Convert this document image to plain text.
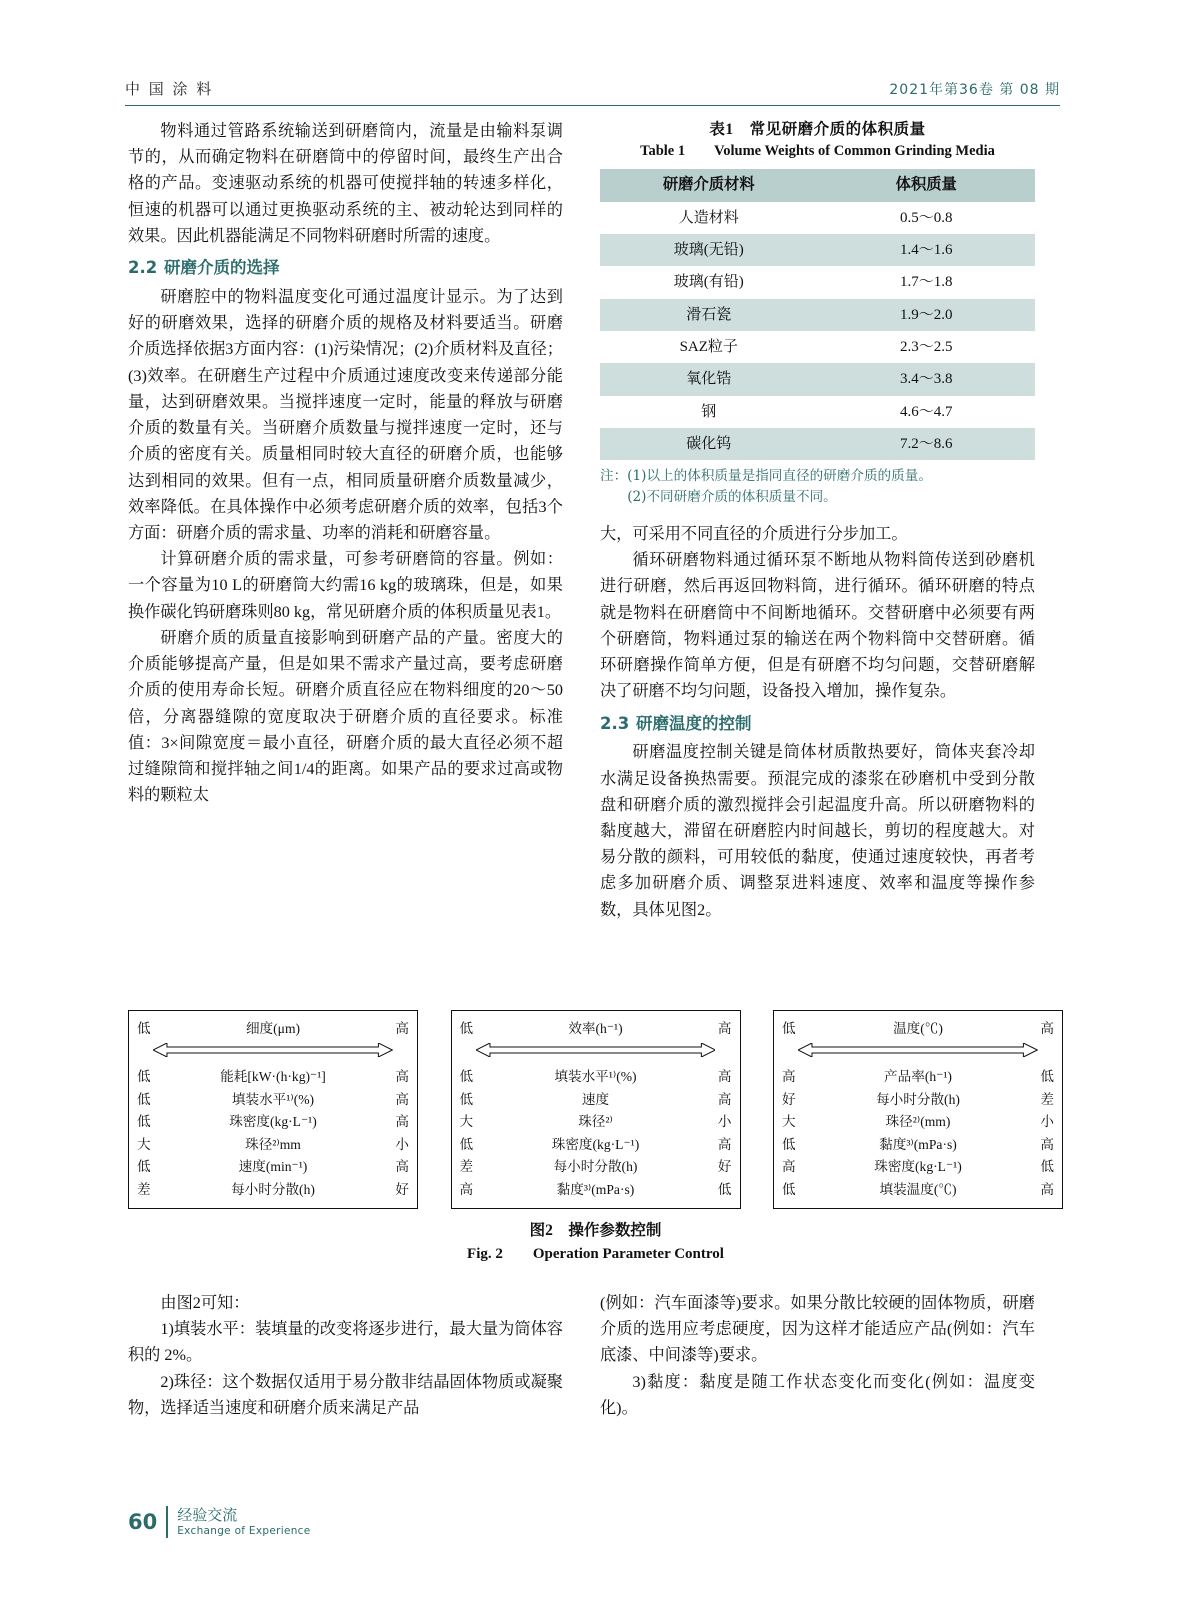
中 国 涂 料	2021年第36卷 第 08 期

物料通过管路系统输送到研磨筒内，流量是由输料泵调节的，从而确定物料在研磨筒中的停留时间，最终生产出合格的产品。变速驱动系统的机器可使搅拌轴的转速多样化，恒速的机器可以通过更换驱动系统的主、被动轮达到同样的效果。因此机器能满足不同物料研磨时所需的速度。

2.2 研磨介质的选择

研磨腔中的物料温度变化可通过温度计显示。为了达到好的研磨效果，选择的研磨介质的规格及材料要适当。研磨介质选择依据3方面内容：(1)污染情况；(2)介质材料及直径；(3)效率。在研磨生产过程中介质通过速度改变来传递部分能量，达到研磨效果。当搅拌速度一定时，能量的释放与研磨介质的数量有关。当研磨介质数量与搅拌速度一定时，还与介质的密度有关。质量相同时较大直径的研磨介质，也能够达到相同的效果。但有一点，相同质量研磨介质数量减少，效率降低。在具体操作中必须考虑研磨介质的效率，包括3个方面：研磨介质的需求量、功率的消耗和研磨容量。

计算研磨介质的需求量，可参考研磨筒的容量。例如：一个容量为10 L的研磨筒大约需16 kg的玻璃珠，但是，如果换作碳化钨研磨珠则80 kg，常见研磨介质的体积质量见表1。

研磨介质的质量直接影响到研磨产品的产量。密度大的介质能够提高产量，但是如果不需求产量过高，要考虑研磨介质的使用寿命长短。研磨介质直径应在物料细度的20～50倍，分离器缝隙的宽度取决于研磨介质的直径要求。标准值：3×间隙宽度＝最小直径，研磨介质的最大直径必须不超过缝隙筒和搅拌轴之间1/4的距离。如果产品的要求过高或物料的颗粒太

表1　常见研磨介质的体积质量
Table 1　　Volume Weights of Common Grinding Media
研磨介质材料	体积质量
人造材料	0.5～0.8
玻璃(无铅)	1.4～1.6
玻璃(有铅)	1.7～1.8
滑石瓷	1.9～2.0
SAZ粒子	2.3～2.5
氧化锆	3.4～3.8
钢	4.6～4.7
碳化钨	7.2～8.6
注：(1)以上的体积质量是指同直径的研磨介质的质量。
(2)不同研磨介质的体积质量不同。

大，可采用不同直径的介质进行分步加工。

循环研磨物料通过循环泵不断地从物料筒传送到砂磨机进行研磨，然后再返回物料筒，进行循环。循环研磨的特点就是物料在研磨筒中不间断地循环。交替研磨中必须要有两个研磨筒，物料通过泵的输送在两个物料筒中交替研磨。循环研磨操作简单方便，但是有研磨不均匀问题，交替研磨解决了研磨不均匀问题，设备投入增加，操作复杂。

2.3 研磨温度的控制

研磨温度控制关键是筒体材质散热要好，筒体夹套冷却水满足设备换热需要。预混完成的漆浆在砂磨机中受到分散盘和研磨介质的激烈搅拌会引起温度升高。所以研磨物料的黏度越大，滞留在研磨腔内时间越长，剪切的程度越大。对易分散的颜料，可用较低的黏度，使通过速度较快，再者考虑多加研磨介质、调整泵进料速度、效率和温度等操作参数，具体见图2。

低	细度(μm)	高
低	能耗[kW·(h·kg)⁻¹]	高
低	填装水平¹⁾(%)	高
低	珠密度(kg·L⁻¹)	高
大	珠径²⁾mm	小
低	速度(min⁻¹)	高
差	每小时分散(h)	好
低	效率(h⁻¹)	高
低	填装水平¹⁾(%)	高
低	速度	高
大	珠径²⁾	小
低	珠密度(kg·L⁻¹)	高
差	每小时分散(h)	好
高	黏度³⁾(mPa·s)	低
低	温度(℃)	高
高	产品率(h⁻¹)	低
好	每小时分散(h)	差
大	珠径²⁾(mm)	小
低	黏度³⁾(mPa·s)	高
高	珠密度(kg·L⁻¹)	低
低	填装温度(℃)	高
图2　操作参数控制
Fig. 2　　Operation Parameter Control

由图2可知：

1)填装水平：装填量的改变将逐步进行，最大量为筒体容积的 2%。

2)珠径：这个数据仅适用于易分散非结晶固体物质或凝聚物，选择适当速度和研磨介质来满足产品

(例如：汽车面漆等)要求。如果分散比较硬的固体物质，研磨介质的选用应考虑硬度，因为这样才能适应产品(例如：汽车底漆、中间漆等)要求。

3)黏度：黏度是随工作状态变化而变化(例如：温度变化)。

60 经验交流
Exchange of Experience
